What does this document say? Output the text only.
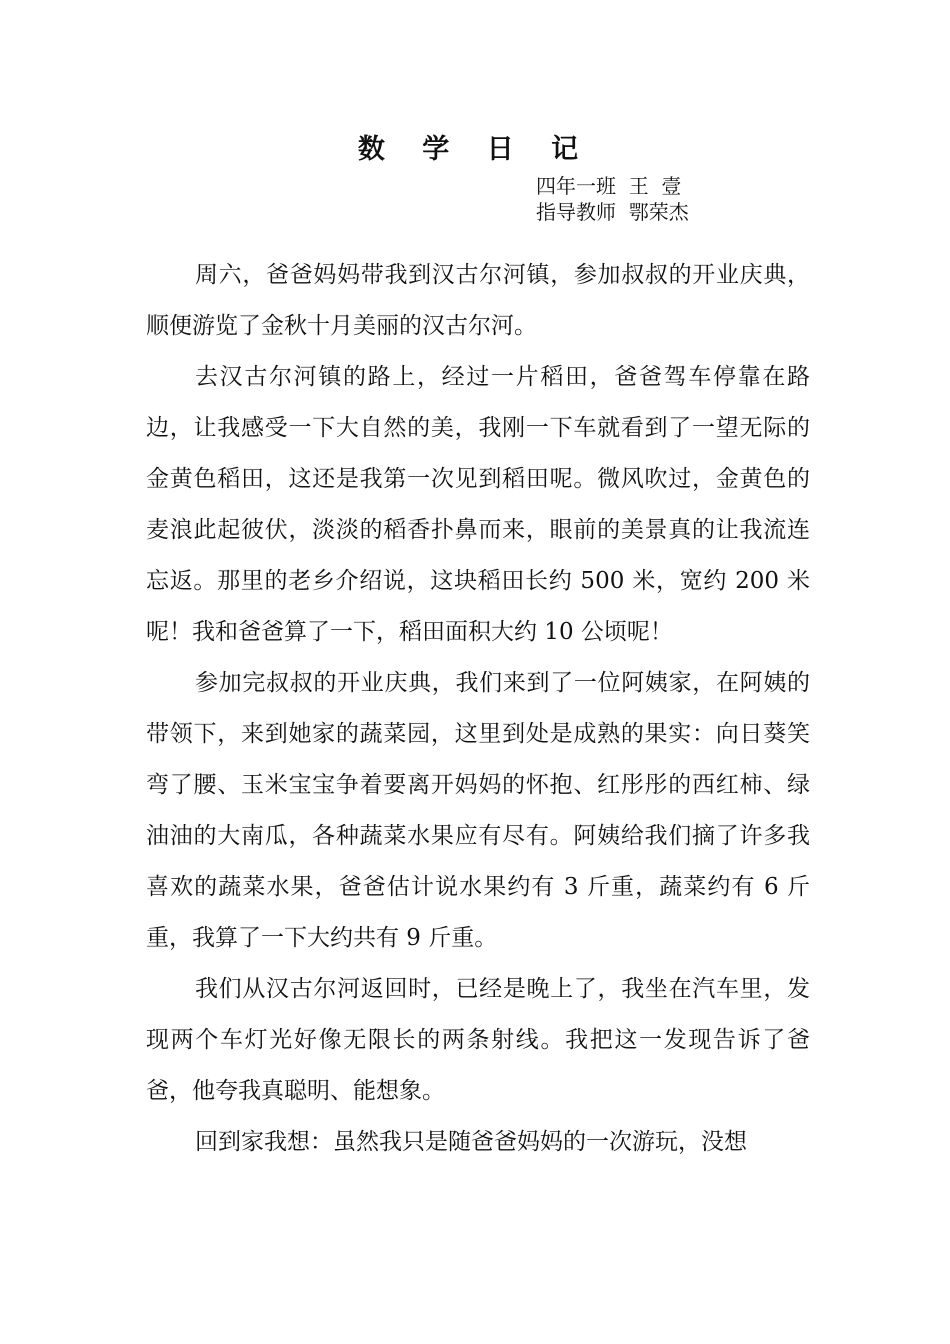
数 学 日 记
四年一班  王  壹
指导教师  鄂荣杰

周六，爸爸妈妈带我到汉古尔河镇，参加叔叔的开业庆典，顺便游览了金秋十月美丽的汉古尔河。

去汉古尔河镇的路上，经过一片稻田，爸爸驾车停靠在路边，让我感受一下大自然的美，我刚一下车就看到了一望无际的金黄色稻田，这还是我第一次见到稻田呢。微风吹过，金黄色的麦浪此起彼伏，淡淡的稻香扑鼻而来，眼前的美景真的让我流连忘返。那里的老乡介绍说，这块稻田长约 500 米，宽约 200 米呢！我和爸爸算了一下，稻田面积大约 10 公顷呢！

参加完叔叔的开业庆典，我们来到了一位阿姨家，在阿姨的带领下，来到她家的蔬菜园，这里到处是成熟的果实：向日葵笑弯了腰、玉米宝宝争着要离开妈妈的怀抱、红彤彤的西红柿、绿油油的大南瓜，各种蔬菜水果应有尽有。阿姨给我们摘了许多我喜欢的蔬菜水果，爸爸估计说水果约有 3 斤重，蔬菜约有 6 斤重，我算了一下大约共有 9 斤重。

我们从汉古尔河返回时，已经是晚上了，我坐在汽车里，发现两个车灯光好像无限长的两条射线。我把这一发现告诉了爸爸，他夸我真聪明、能想象。

回到家我想：虽然我只是随爸爸妈妈的一次游玩，没想
